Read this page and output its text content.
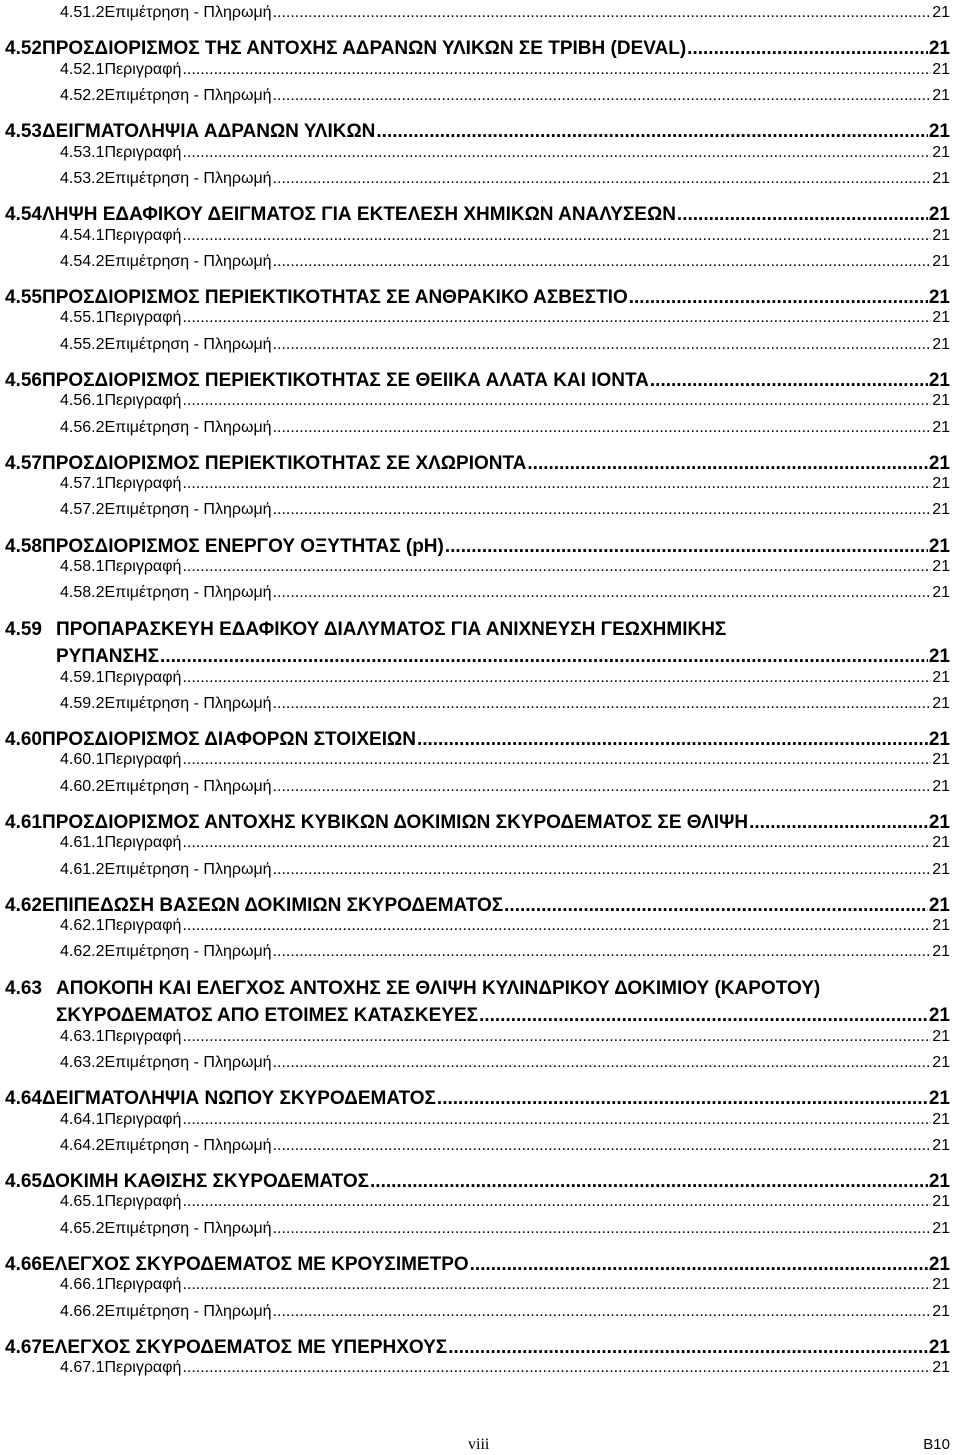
4.51.2 Επιμέτρηση - Πληρωμή .....	21
4.52 ΠΡΟΣΔΙΟΡΙΣΜΟΣ ΤΗΣ ΑΝΤΟΧΗΣ ΑΔΡΑΝΩΝ ΥΛΙΚΩΝ ΣΕ ΤΡΙΒΗ (DEVAL) .....	21
4.52.1 Περιγραφή .....	21
4.52.2 Επιμέτρηση - Πληρωμή .....	21
4.53 ΔΕΙΓΜΑΤΟΛΗΨΙΑ ΑΔΡΑΝΩΝ ΥΛΙΚΩΝ .....	21
4.53.1 Περιγραφή .....	21
4.53.2 Επιμέτρηση - Πληρωμή .....	21
4.54 ΛΗΨΗ ΕΔΑΦΙΚΟΥ ΔΕΙΓΜΑΤΟΣ ΓΙΑ ΕΚΤΕΛΕΣΗ ΧΗΜΙΚΩΝ ΑΝΑΛΥΣΕΩΝ .....	21
4.54.1 Περιγραφή .....	21
4.54.2 Επιμέτρηση - Πληρωμή .....	21
4.55 ΠΡΟΣΔΙΟΡΙΣΜΟΣ ΠΕΡΙΕΚΤΙΚΟΤΗΤΑΣ ΣΕ ΑΝΘΡΑΚΙΚΟ ΑΣΒΕΣΤΙΟ .....	21
4.55.1 Περιγραφή .....	21
4.55.2 Επιμέτρηση - Πληρωμή .....	21
4.56 ΠΡΟΣΔΙΟΡΙΣΜΟΣ ΠΕΡΙΕΚΤΙΚΟΤΗΤΑΣ ΣΕ ΘΕΙΙΚΑ ΑΛΑΤΑ ΚΑΙ ΙΟΝΤΑ .....	21
4.56.1 Περιγραφή .....	21
4.56.2 Επιμέτρηση - Πληρωμή .....	21
4.57 ΠΡΟΣΔΙΟΡΙΣΜΟΣ ΠΕΡΙΕΚΤΙΚΟΤΗΤΑΣ ΣΕ ΧΛΩΡΙΟΝΤΑ .....	21
4.57.1 Περιγραφή .....	21
4.57.2 Επιμέτρηση - Πληρωμή .....	21
4.58 ΠΡΟΣΔΙΟΡΙΣΜΟΣ ΕΝΕΡΓΟΥ ΟΞΥΤΗΤΑΣ (pH) .....	21
4.58.1 Περιγραφή .....	21
4.58.2 Επιμέτρηση - Πληρωμή .....	21
4.59 ΠΡΟΠΑΡΑΣΚΕΥΗ ΕΔΑΦΙΚΟΥ ΔΙΑΛΥΜΑΤΟΣ ΓΙΑ ΑΝΙΧΝΕΥΣΗ ΓΕΩΧΗΜΙΚΗΣ
ΡΥΠΑΝΣΗΣ .....	21
4.59.1 Περιγραφή .....	21
4.59.2 Επιμέτρηση - Πληρωμή .....	21
4.60 ΠΡΟΣΔΙΟΡΙΣΜΟΣ ΔΙΑΦΟΡΩΝ ΣΤΟΙΧΕΙΩΝ .....	21
4.60.1 Περιγραφή .....	21
4.60.2 Επιμέτρηση - Πληρωμή .....	21
4.61 ΠΡΟΣΔΙΟΡΙΣΜΟΣ ΑΝΤΟΧΗΣ ΚΥΒΙΚΩΝ ΔΟΚΙΜΙΩΝ ΣΚΥΡΟΔΕΜΑΤΟΣ ΣΕ ΘΛΙΨΗ .....	21
4.61.1 Περιγραφή .....	21
4.61.2 Επιμέτρηση - Πληρωμή .....	21
4.62 ΕΠΙΠΕΔΩΣΗ ΒΑΣΕΩΝ ΔΟΚΙΜΙΩΝ ΣΚΥΡΟΔΕΜΑΤΟΣ .....	21
4.62.1 Περιγραφή .....	21
4.62.2 Επιμέτρηση - Πληρωμή .....	21
4.63 ΑΠΟΚΟΠΗ ΚΑΙ ΕΛΕΓΧΟΣ ΑΝΤΟΧΗΣ ΣΕ ΘΛΙΨΗ ΚΥΛΙΝΔΡΙΚΟΥ ΔΟΚΙΜΙΟΥ (ΚΑΡΟΤΟΥ)
ΣΚΥΡΟΔΕΜΑΤΟΣ ΑΠΟ ΕΤΟΙΜΕΣ ΚΑΤΑΣΚΕΥΕΣ .....	21
4.63.1 Περιγραφή .....	21
4.63.2 Επιμέτρηση - Πληρωμή .....	21
4.64 ΔΕΙΓΜΑΤΟΛΗΨΙΑ ΝΩΠΟΥ ΣΚΥΡΟΔΕΜΑΤΟΣ .....	21
4.64.1 Περιγραφή .....	21
4.64.2 Επιμέτρηση - Πληρωμή .....	21
4.65 ΔΟΚΙΜΗ ΚΑΘΙΣΗΣ ΣΚΥΡΟΔΕΜΑΤΟΣ .....	21
4.65.1 Περιγραφή .....	21
4.65.2 Επιμέτρηση - Πληρωμή .....	21
4.66 ΕΛΕΓΧΟΣ ΣΚΥΡΟΔΕΜΑΤΟΣ ΜΕ ΚΡΟΥΣΙΜΕΤΡΟ .....	21
4.66.1 Περιγραφή .....	21
4.66.2 Επιμέτρηση - Πληρωμή .....	21
4.67 ΕΛΕΓΧΟΣ ΣΚΥΡΟΔΕΜΑΤΟΣ ΜΕ ΥΠΕΡΗΧΟΥΣ .....	21
4.67.1 Περιγραφή .....	21
viii	B10
